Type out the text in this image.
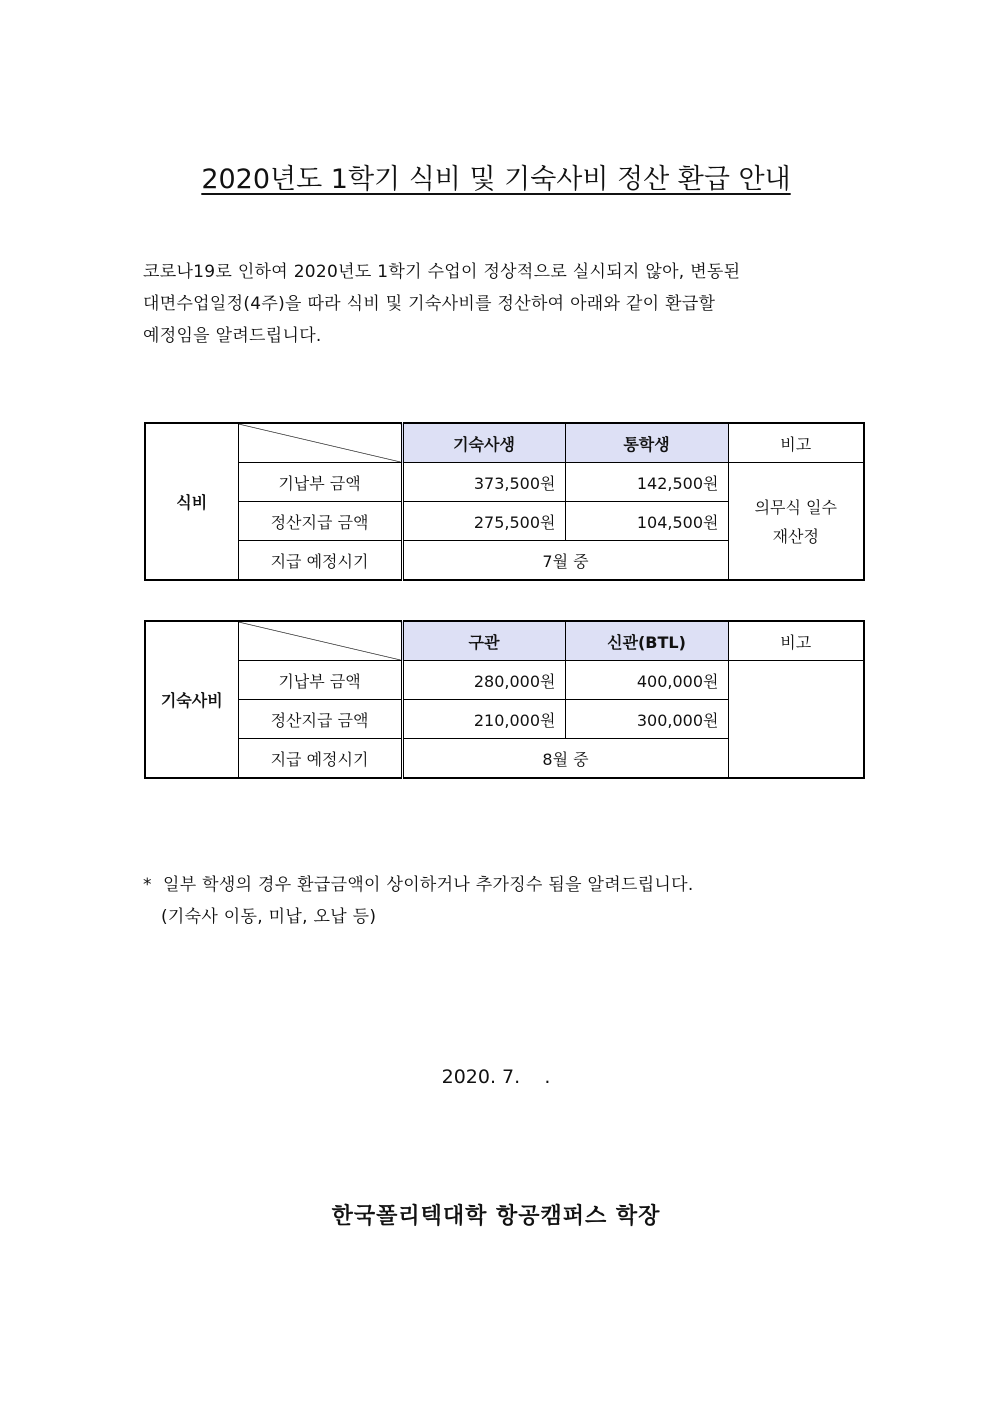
2020년도 1학기 식비 및 기숙사비 정산 환급 안내
코로나19로 인하여 2020년도 1학기 수업이 정상적으로 실시되지 않아, 변동된
대면수업일정(4주)을 따라 식비 및 기숙사비를 정산하여 아래와 같이 환급할
예정임을 알려드립니다.
식비		기숙사생	통학생	비고
	기납부 금액	373,500원	142,500원	의무식 일수
재산정

	정산지급 금액	275,500원	104,500원	
	지급 예정시기	7월 중		
기숙사비		구관	신관(BTL)	비고
	기납부 금액	280,000원	400,000원	
	정산지급 금액	210,000원	300,000원	
	지급 예정시기	8월 중		
* 일부 학생의 경우 환급금액이 상이하거나 추가징수 됨을 알려드립니다.
(기숙사 이동, 미납, 오납 등)
2020. 7.    .
한국폴리텍대학 항공캠퍼스 학장
